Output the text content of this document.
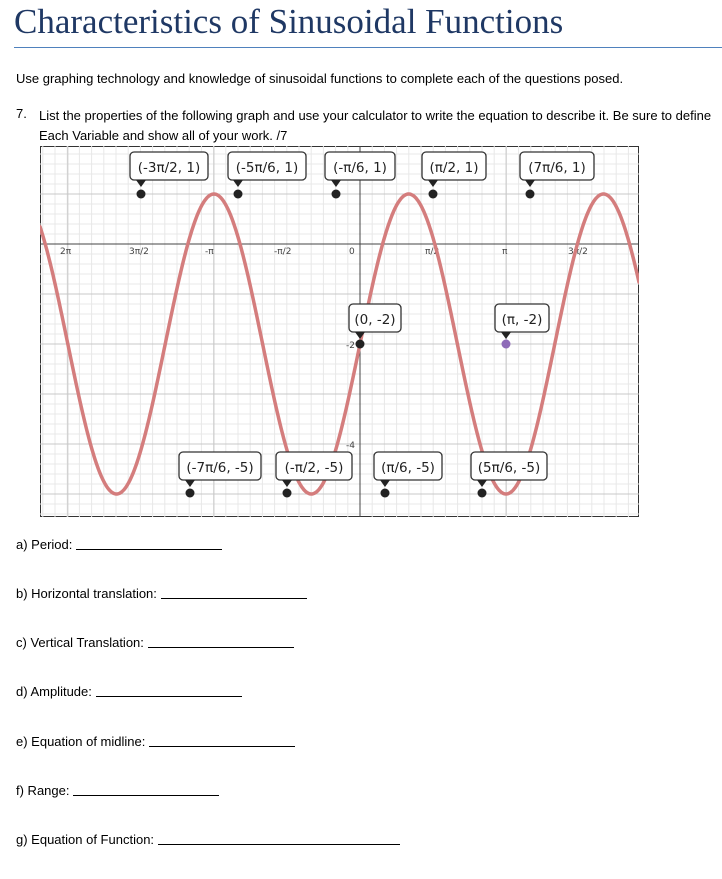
Characteristics of Sinusoidal Functions
Use graphing technology and knowledge of sinusoidal functions to complete each of the questions posed.
7. List the properties of the following graph and use your calculator to write the equation to describe it. Be sure to define Each Variable and show all of your work. /7
2π	3π/2	-π	-π/2	0	π/2	π	3π/2
-2
-4
(-3π/2, 1)	(-5π/6, 1)	(-π/6, 1)	(π/2, 1)	(7π/6, 1)
(0, -2)	(π, -2)
(-7π/6, -5) (-π/2, -5)	(π/6, -5)	(5π/6, -5)
a) Period:
b) Horizontal translation:
c) Vertical Translation:
d) Amplitude:
e) Equation of midline:
f) Range:
g) Equation of Function:
